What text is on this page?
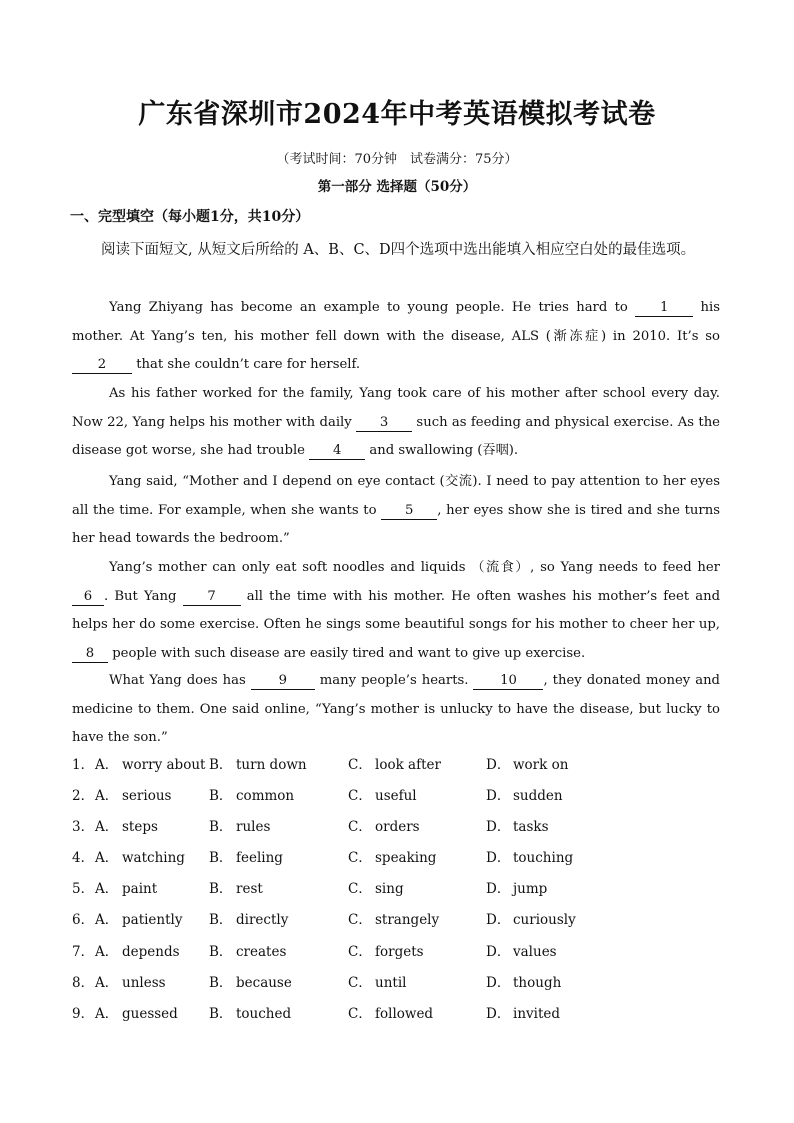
广东省深圳市2024年中考英语模拟考试卷
（考试时间：70分钟　试卷满分：75分）
第一部分 选择题（50分）
一、完型填空（每小题1分，共10分）
阅读下面短文, 从短文后所给的 A、B、C、D四个选项中选出能填入相应空白处的最佳选项。

Yang Zhiyang has become an example to young people. He tries hard to 1 his mother. At Yang’s ten, his mother fell down with the disease, ALS (渐冻症) in 2010. It’s so 2 that she couldn’t care for herself.

As his father worked for the family, Yang took care of his mother after school every day. Now 22, Yang helps his mother with daily 3 such as feeding and physical exercise. As the disease got worse, she had trouble 4 and swallowing (吞咽).

Yang said, “Mother and I depend on eye contact (交流). I need to pay attention to her eyes all the time. For example, when she wants to 5 , her eyes show she is tired and she turns her head towards the bedroom.”

Yang’s mother can only eat soft noodles and liquids （流食）, so Yang needs to feed her 6 . But Yang 7 all the time with his mother. He often washes his mother’s feet and helps her do some exercise. Often he sings some beautiful songs for his mother to cheer her up, 8 people with such disease are easily tired and want to give up exercise.

What Yang does has 9 many people’s hearts. 10 , they donated money and medicine to them. One said online, “Yang’s mother is unlucky to have the disease, but lucky to have the son.”

1． A． worry about B． turn down	C． look after	D． work on
2． A． serious	B． common	C． useful	D． sudden
3． A． steps	B． rules	C． orders	D． tasks
4． A． watching B． feeling	C． speaking	D． touching
5． A． paint	B． rest	C． sing	D． jump
6． A． patiently B． directly	C． strangely	D． curiously
7． A． depends B． creates	C． forgets	D． values
8． A． unless	B． because	C． until	D． though
9． A． guessed B． touched	C． followed	D． invited
